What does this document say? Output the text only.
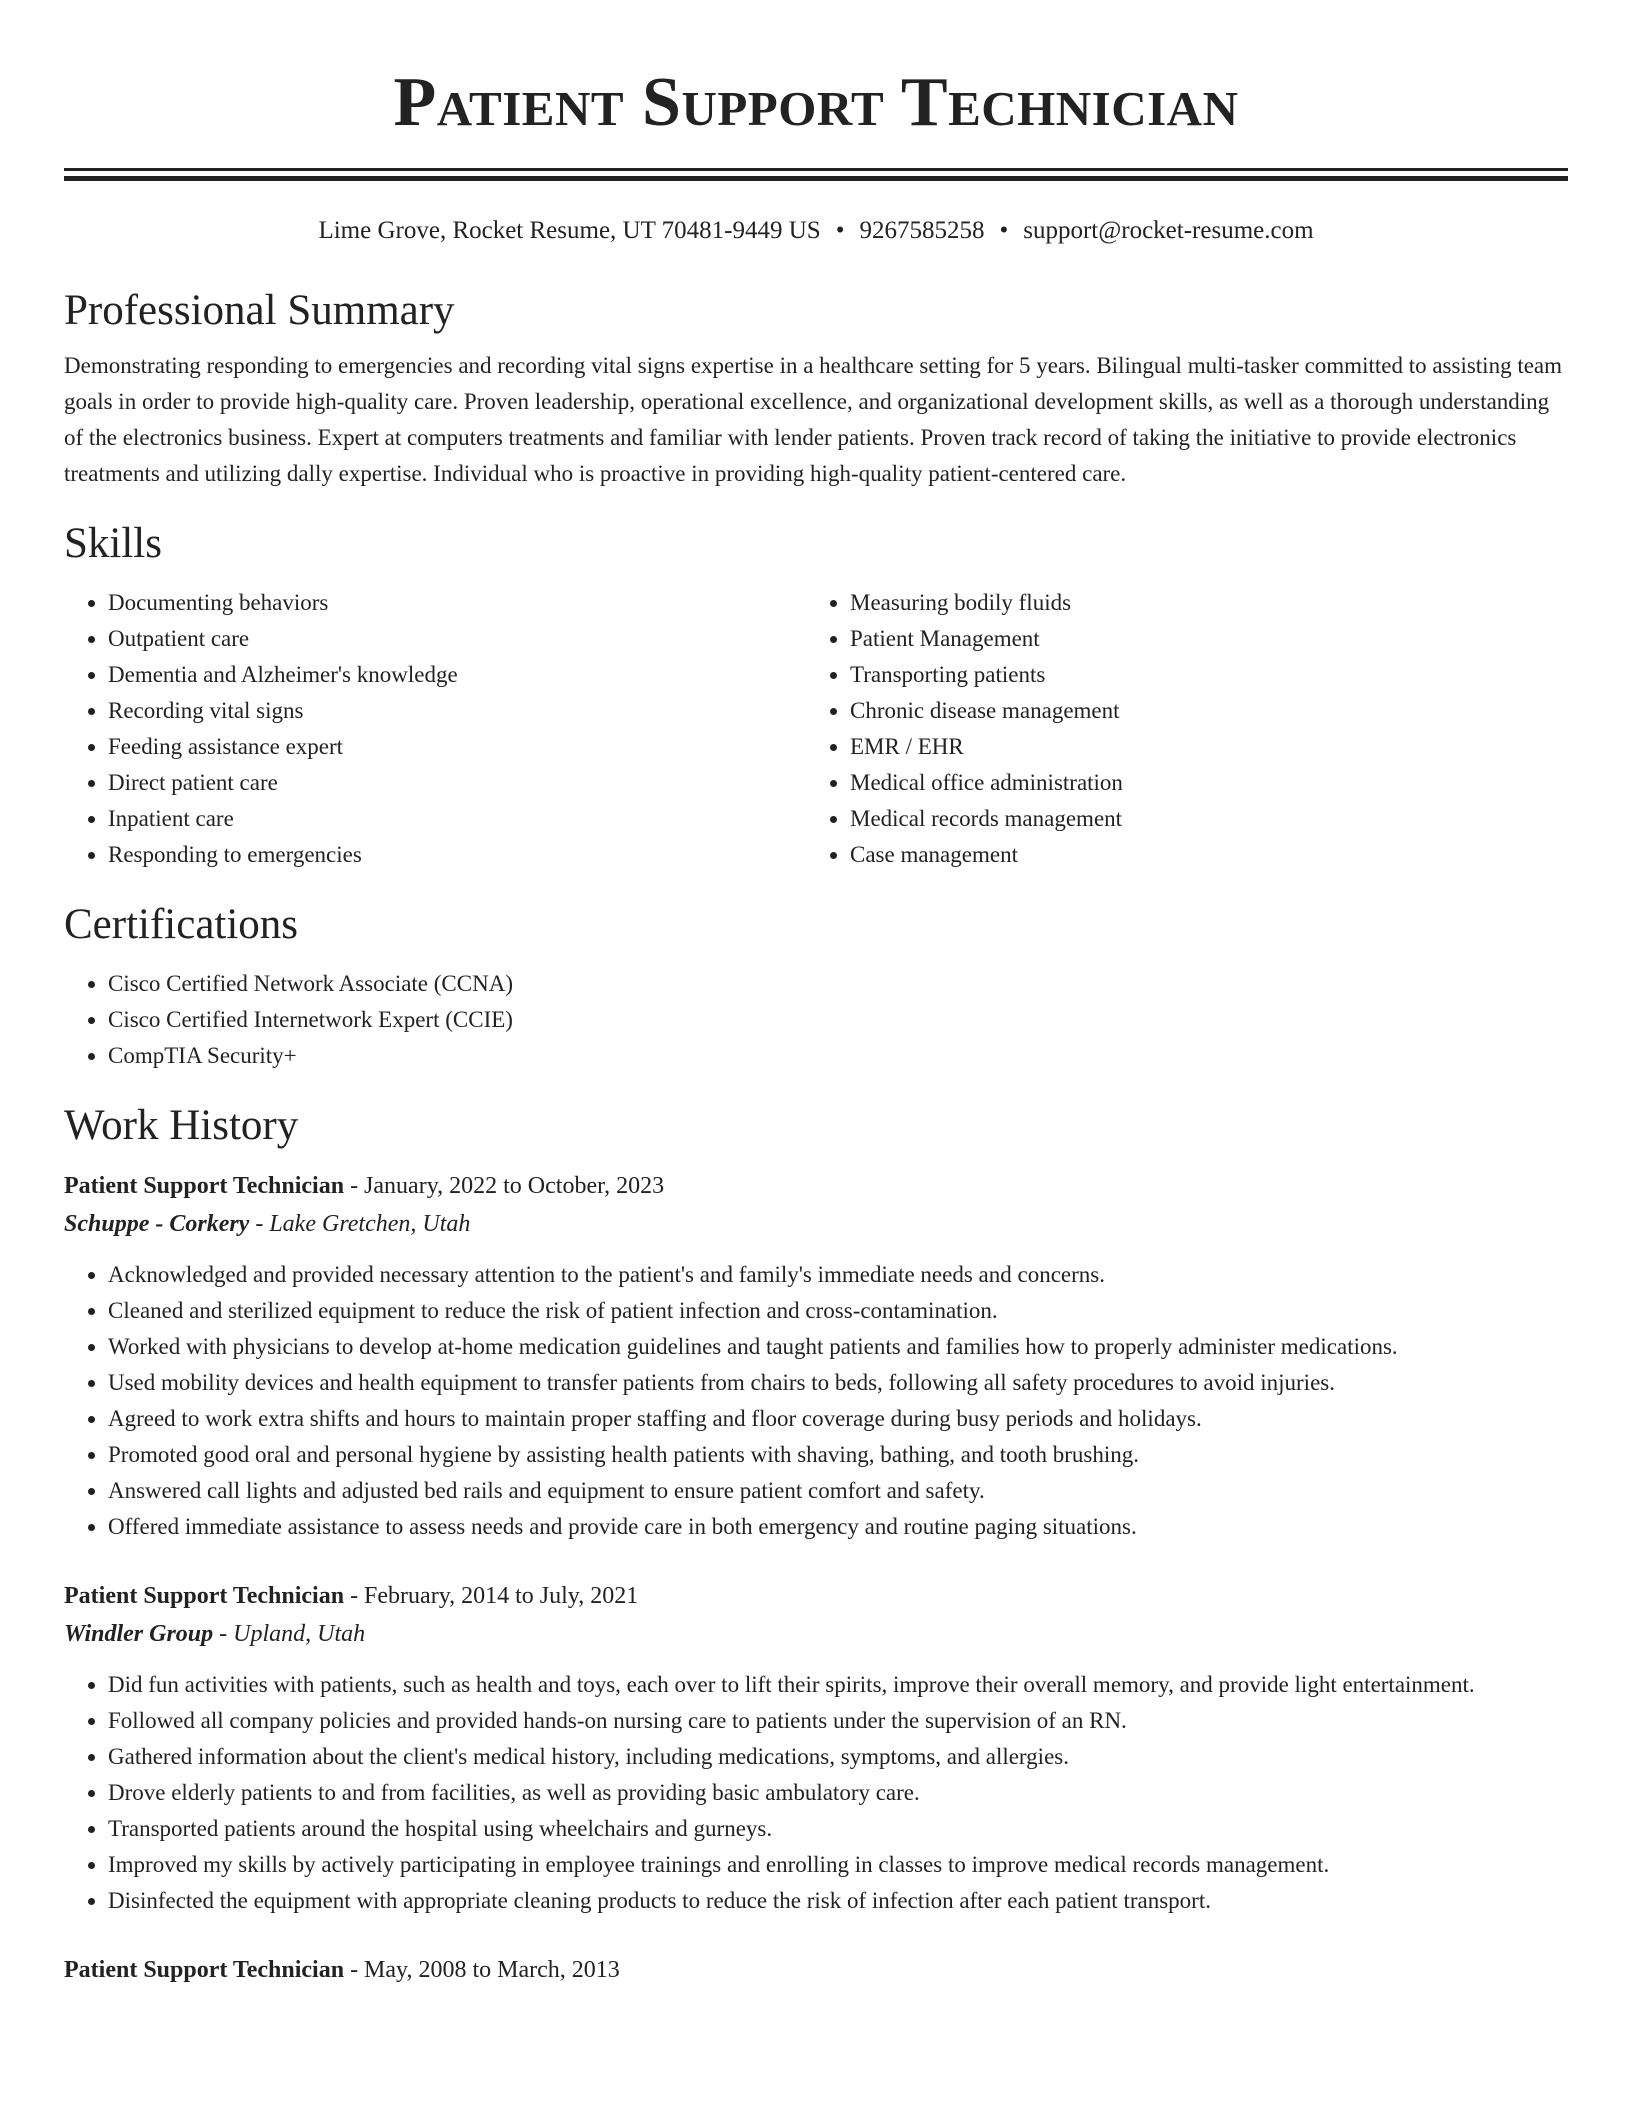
Patient Support Technician
Lime Grove, Rocket Resume, UT 70481-9449 US • 9267585258 • support@rocket-resume.com
Professional Summary

Demonstrating responding to emergencies and recording vital signs expertise in a healthcare setting for 5 years. Bilingual multi-tasker committed to assisting team goals in order to provide high-quality care. Proven leadership, operational excellence, and organizational development skills, as well as a thorough understanding of the electronics business. Expert at computers treatments and familiar with lender patients. Proven track record of taking the initiative to provide electronics treatments and utilizing dally expertise. Individual who is proactive in providing high-quality patient-centered care.

Skills
• Documenting behaviors
• Outpatient care
• Dementia and Alzheimer's knowledge
• Recording vital signs
• Feeding assistance expert
• Direct patient care
• Inpatient care
• Responding to emergencies
• Measuring bodily fluids
• Patient Management
• Transporting patients
• Chronic disease management
• EMR / EHR
• Medical office administration
• Medical records management
• Case management
Certifications
• Cisco Certified Network Associate (CCNA)
• Cisco Certified Internetwork Expert (CCIE)
• CompTIA Security+
Work History
Patient Support Technician - January, 2022 to October, 2023
Schuppe - Corkery - Lake Gretchen, Utah
• Acknowledged and provided necessary attention to the patient's and family's immediate needs and concerns.
• Cleaned and sterilized equipment to reduce the risk of patient infection and cross-contamination.
• Worked with physicians to develop at-home medication guidelines and taught patients and families how to properly administer medications.
• Used mobility devices and health equipment to transfer patients from chairs to beds, following all safety procedures to avoid injuries.
• Agreed to work extra shifts and hours to maintain proper staffing and floor coverage during busy periods and holidays.
• Promoted good oral and personal hygiene by assisting health patients with shaving, bathing, and tooth brushing.
• Answered call lights and adjusted bed rails and equipment to ensure patient comfort and safety.
• Offered immediate assistance to assess needs and provide care in both emergency and routine paging situations.
Patient Support Technician - February, 2014 to July, 2021
Windler Group - Upland, Utah
• Did fun activities with patients, such as health and toys, each over to lift their spirits, improve their overall memory, and provide light entertainment.
• Followed all company policies and provided hands-on nursing care to patients under the supervision of an RN.
• Gathered information about the client's medical history, including medications, symptoms, and allergies.
• Drove elderly patients to and from facilities, as well as providing basic ambulatory care.
• Transported patients around the hospital using wheelchairs and gurneys.
• Improved my skills by actively participating in employee trainings and enrolling in classes to improve medical records management.
• Disinfected the equipment with appropriate cleaning products to reduce the risk of infection after each patient transport.
Patient Support Technician - May, 2008 to March, 2013
